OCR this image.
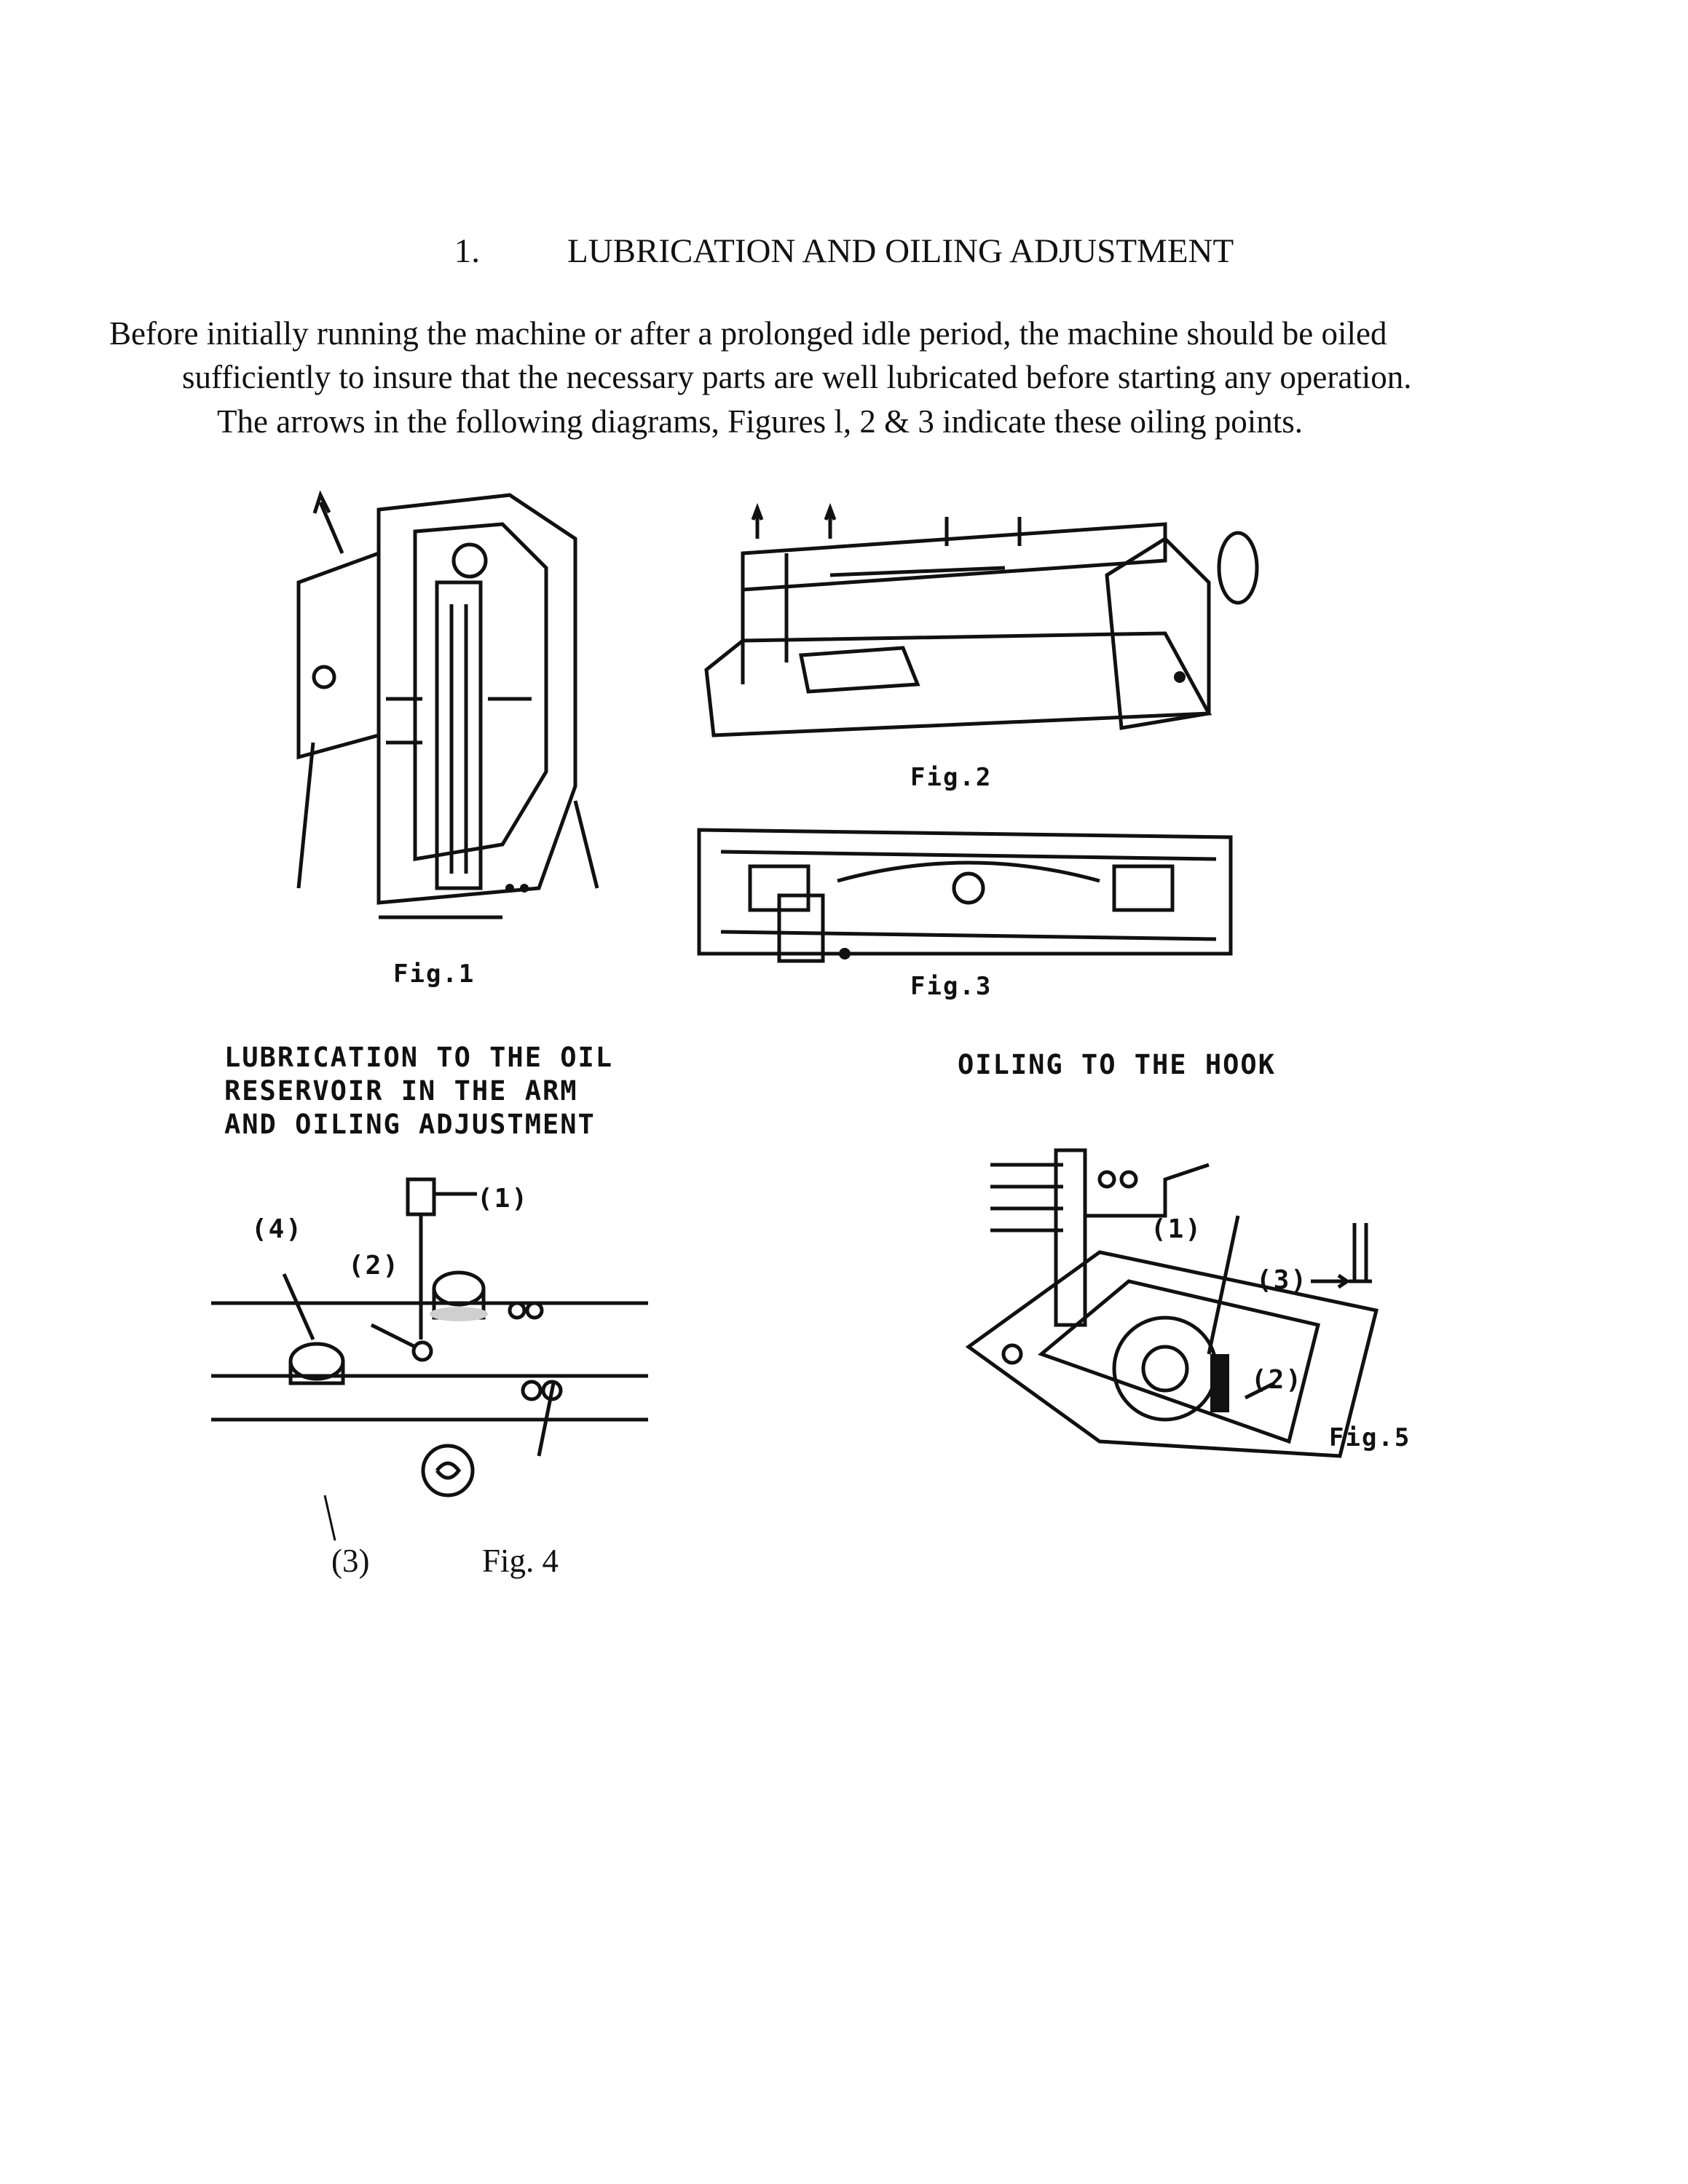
1.	LUBRICATION AND OILING ADJUSTMENT
Before initially running the machine or after a prolonged idle period, the machine should be oiled
sufficiently to insure that the necessary parts are well lubricated before starting any operation.
The arrows in the following diagrams, Figures l, 2 & 3 indicate these oiling points.
Fig.1
Fig.2
Fig.3
LUBRICATION TO THE OIL
RESERVOIR IN THE ARM
AND OILING ADJUSTMENT
(1)
(2)
(4)
(3)	Fig. 4
OILING TO THE HOOK
(1)
(3)
(2)
Fig.5
